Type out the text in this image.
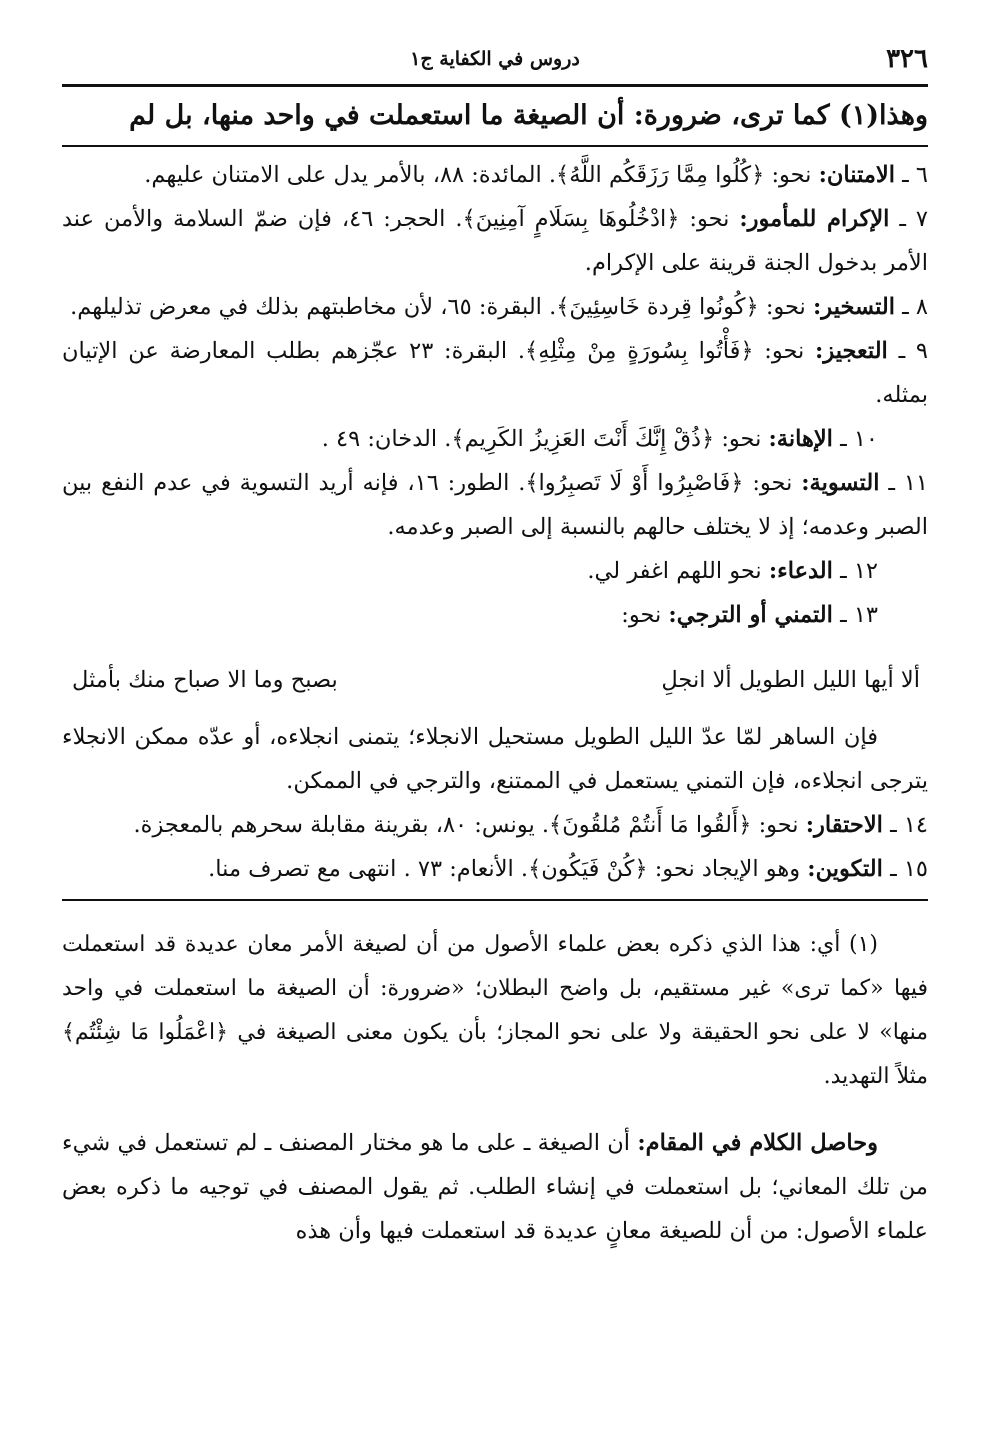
٣٢٦
دروس في الكفاية ج١
وهذا(١) كما ترى، ضرورة: أن الصيغة ما استعملت في واحد منها، بل لم

٦ ـ الامتنان: نحو: ﴿كُلُوا مِمَّا رَزَقَكُم اللَّهُ﴾. المائدة: ٨٨، بالأمر يدل على الامتنان عليهم.

٧ ـ الإكرام للمأمور: نحو: ﴿ادْخُلُوهَا بِسَلَامٍ آمِنِينَ﴾. الحجر: ٤٦، فإن ضمّ السلامة والأمن عند الأمر بدخول الجنة قرينة على الإكرام.

٨ ـ التسخير: نحو: ﴿كُونُوا قِردة خَاسِئِينَ﴾. البقرة: ٦٥، لأن مخاطبتهم بذلك في معرض تذليلهم.

٩ ـ التعجيز: نحو: ﴿فَأْتُوا بِسُورَةٍ مِنْ مِثْلِهِ﴾. البقرة: ٢٣ عجّزهم بطلب المعارضة عن الإتيان بمثله.

١٠ ـ الإهانة: نحو: ﴿ذُقْ إِنَّكَ أَنْتَ العَزِيزُ الكَرِيم﴾. الدخان: ٤٩ .

١١ ـ التسوية: نحو: ﴿فَاصْبِرُوا أَوْ لَا تَصبِرُوا﴾. الطور: ١٦، فإنه أريد التسوية في عدم النفع بين الصبر وعدمه؛ إذ لا يختلف حالهم بالنسبة إلى الصبر وعدمه.

١٢ ـ الدعاء: نحو اللهم اغفر لي.

١٣ ـ التمني أو الترجي: نحو:

ألا أيها الليل الطويل ألا انجلِ
بصبح وما الا صباح منك بأمثل

فإن الساهر لمّا عدّ الليل الطويل مستحيل الانجلاء؛ يتمنى انجلاءه، أو عدّه ممكن الانجلاء يترجى انجلاءه، فإن التمني يستعمل في الممتنع، والترجي في الممكن.

١٤ ـ الاحتقار: نحو: ﴿أَلقُوا مَا أَنتُمْ مُلقُونَ﴾. يونس: ٨٠، بقرينة مقابلة سحرهم بالمعجزة.

١٥ ـ التكوين: وهو الإيجاد نحو: ﴿كُنْ فَيَكُون﴾. الأنعام: ٧٣ . انتهى مع تصرف منا.

(١) أي: هذا الذي ذكره بعض علماء الأصول من أن لصيغة الأمر معان عديدة قد استعملت فيها «كما ترى» غير مستقيم، بل واضح البطلان؛ «ضرورة: أن الصيغة ما استعملت في واحد منها» لا على نحو الحقيقة ولا على نحو المجاز؛ بأن يكون معنى الصيغة في ﴿اعْمَلُوا مَا شِئْتُم﴾ مثلاً التهديد.

وحاصل الكلام في المقام: أن الصيغة ـ على ما هو مختار المصنف ـ لم تستعمل في شيء من تلك المعاني؛ بل استعملت في إنشاء الطلب. ثم يقول المصنف في توجيه ما ذكره بعض علماء الأصول: من أن للصيغة معانٍ عديدة قد استعملت فيها وأن هذه
